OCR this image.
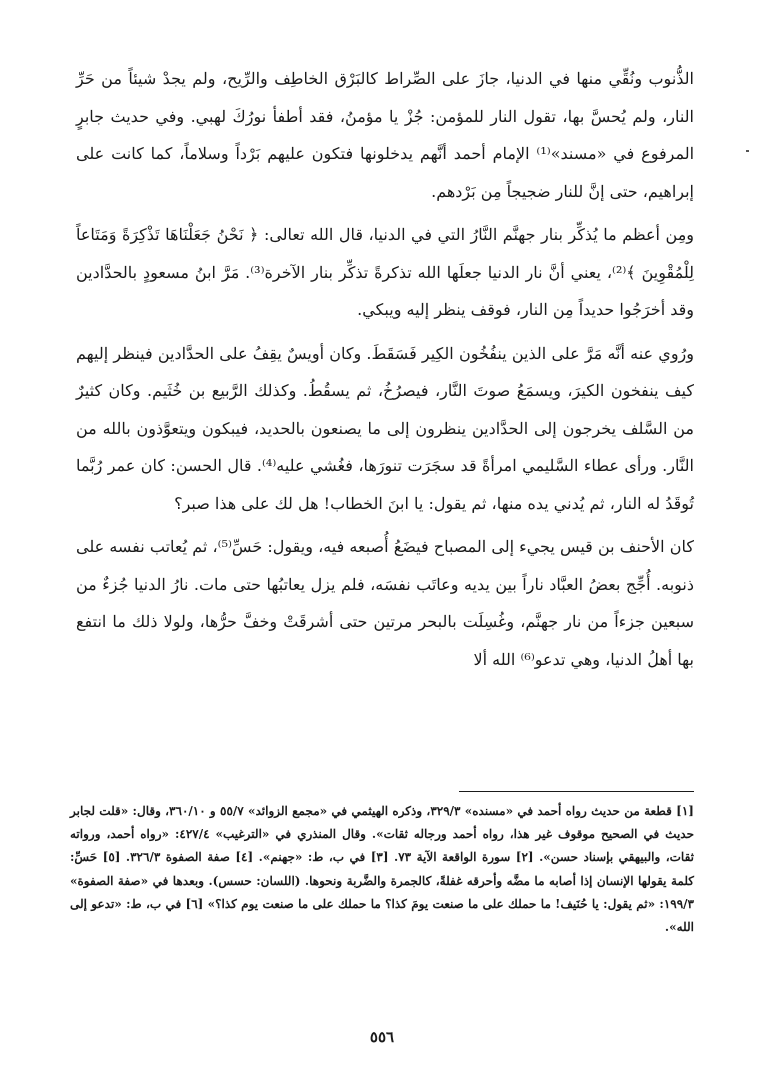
الذُّنوب ونُقِّي منها في الدنيا، جازَ على الصِّراط كالبَرْق الخاطِف والرِّيح، ولم يجدْ شيئاً من حَرِّ النار، ولم يُحسَّ بها، تقول النار للمؤمن: جُزْ يا مؤمنُ، فقد أطفأ نورُكَ لهبي. وفي حديث جابرٍ المرفوع في «مسند»⁽¹⁾ الإمام أحمد أنَّهم يدخلونها فتكون عليهم بَرْداً وسلاماً، كما كانت على إبراهيم، حتى إنَّ للنار ضجيجاً مِن بَرْدهم.

ومِن أعظم ما يُذكِّر بنار جهنَّم النَّارُ التي في الدنيا، قال الله تعالى: ﴿ نَحْنُ جَعَلْنَاهَا تَذْكِرَةً وَمَتَاعاً لِلْمُقْوِينَ ﴾⁽²⁾، يعني أنَّ نار الدنيا جعلَها الله تذكرةً تذكِّر بنار الآخرة⁽³⁾. مَرَّ ابنُ مسعودٍ بالحدَّادين وقد أخرَجُوا حديداً مِن النار، فوقف ينظر إليه ويبكي.

ورُوي عنه أنَّه مَرَّ على الذين ينفُخُون الكِير فَسَقَطَ. وكان أويسٌ يقِفُ على الحدَّادين فينظر إليهم كيف ينفخون الكيرَ، ويسمَعُ صوتَ النَّار، فيصرُخُ، ثم يسقُطُ. وكذلك الرَّبيع بن خُثَيم. وكان كثيرٌ من السَّلف يخرجون إلى الحدَّادين ينظرون إلى ما يصنعون بالحديد، فيبكون ويتعوَّذون بالله من النَّار. ورأى عطاء السَّليمي امرأةً قد سجَرَت تنورَها، فغُشي عليه⁽⁴⁾. قال الحسن: كان عمر رُبَّما تُوقَدُ له النار، ثم يُدني يده منها، ثم يقول: يا ابنَ الخطاب! هل لك على هذا صبر؟

كان الأحنف بن قيس يجيء إلى المصباح فيضَعُ أُصبعه فيه، ويقول: حَسِّ⁽⁵⁾، ثم يُعاتب نفسه على ذنوبه. أُجِّج بعضُ العبَّاد ناراً بين يديه وعاتَب نفسَه، فلم يزل يعاتبُها حتى مات. نارُ الدنيا جُزءٌ من سبعين جزءاً من نار جهنَّم، وغُسِلَت بالبحر مرتين حتى أشرقَتْ وخفَّ حرُّها، ولولا ذلك ما انتفع بها أهلُ الدنيا، وهي تدعو⁽⁶⁾ الله ألا

[١] قطعة من حديث رواه أحمد في «مسنده» ٣٢٩/٣، وذكره الهيثمي في «مجمع الزوائد» ٥٥/٧ و ٣٦٠/١٠، وقال: «قلت لجابر حديث في الصحيح موقوف غير هذا، رواه أحمد ورجاله ثقات». وقال المنذري في «الترغيب» ٤٢٧/٤: «رواه أحمد، ورواته ثقات، والبيهقي بإسناد حسن». [٢] سورة الواقعة الآية ٧٣. [٣] في ب، ط: «جهنم». [٤] صفة الصفوة ٣٢٦/٣. [٥] حَسِّ: كلمة يقولها الإنسان إذا أصابه ما مضَّه وأحرقه غفلةً، كالجمرة والضَّربة ونحوها. (اللسان: حسس). وبعدها في «صفة الصفوة» ١٩٩/٣: «ثم يقول: يا حُنَيف! ما حملك على ما صنعت يومَ كذا؟ ما حملك على ما صنعت يوم كذا؟» [٦] في ب، ط: «تدعو إلى الله».

٥٥٦
